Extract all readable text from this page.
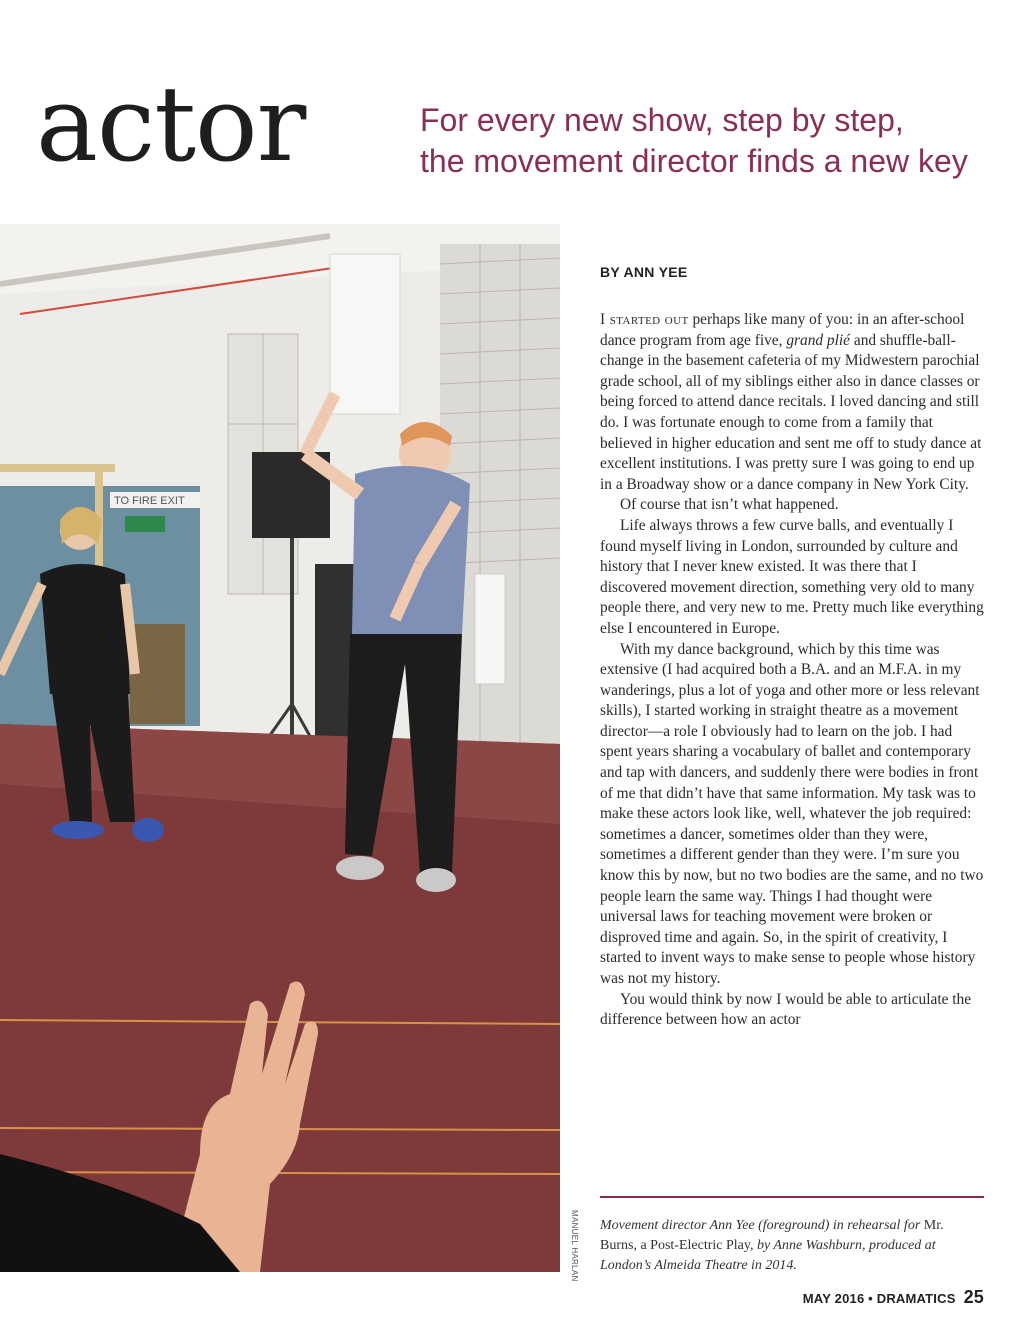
actor	For every new show, step by step,
the movement director finds a new key
TO FIRE EXIT
MANUEL HARLAN

BY ANN YEE

I started out perhaps like many of you: in an after-school dance program from age five, grand plié and shuffle-ball-change in the basement cafeteria of my Midwestern parochial grade school, all of my siblings either also in dance classes or being forced to attend dance recitals. I loved dancing and still do. I was fortunate enough to come from a family that believed in higher education and sent me off to study dance at excellent institutions. I was pretty sure I was going to end up in a Broadway show or a dance company in New York City.

Of course that isn’t what happened.

Life always throws a few curve balls, and eventually I found myself living in London, surrounded by culture and history that I never knew existed. It was there that I discovered movement direction, something very old to many people there, and very new to me. Pretty much like everything else I encountered in Europe.

With my dance background, which by this time was extensive (I had acquired both a B.A. and an M.F.A. in my wanderings, plus a lot of yoga and other more or less relevant skills), I started working in straight theatre as a movement director—a role I obviously had to learn on the job. I had spent years sharing a vocabulary of ballet and contemporary and tap with dancers, and suddenly there were bodies in front of me that didn’t have that same information. My task was to make these actors look like, well, whatever the job required: sometimes a dancer, sometimes older than they were, sometimes a different gender than they were. I’m sure you know this by now, but no two bodies are the same, and no two people learn the same way. Things I had thought were universal laws for teaching movement were broken or disproved time and again. So, in the spirit of creativity, I started to invent ways to make sense to people whose history was not my history.

You would think by now I would be able to articulate the difference between how an actor

Movement director Ann Yee (foreground) in rehearsal for Mr. Burns, a Post-Electric Play, by Anne Washburn, produced at London’s Almeida Theatre in 2014.

MAY 2016 • DRAMATICS 25
